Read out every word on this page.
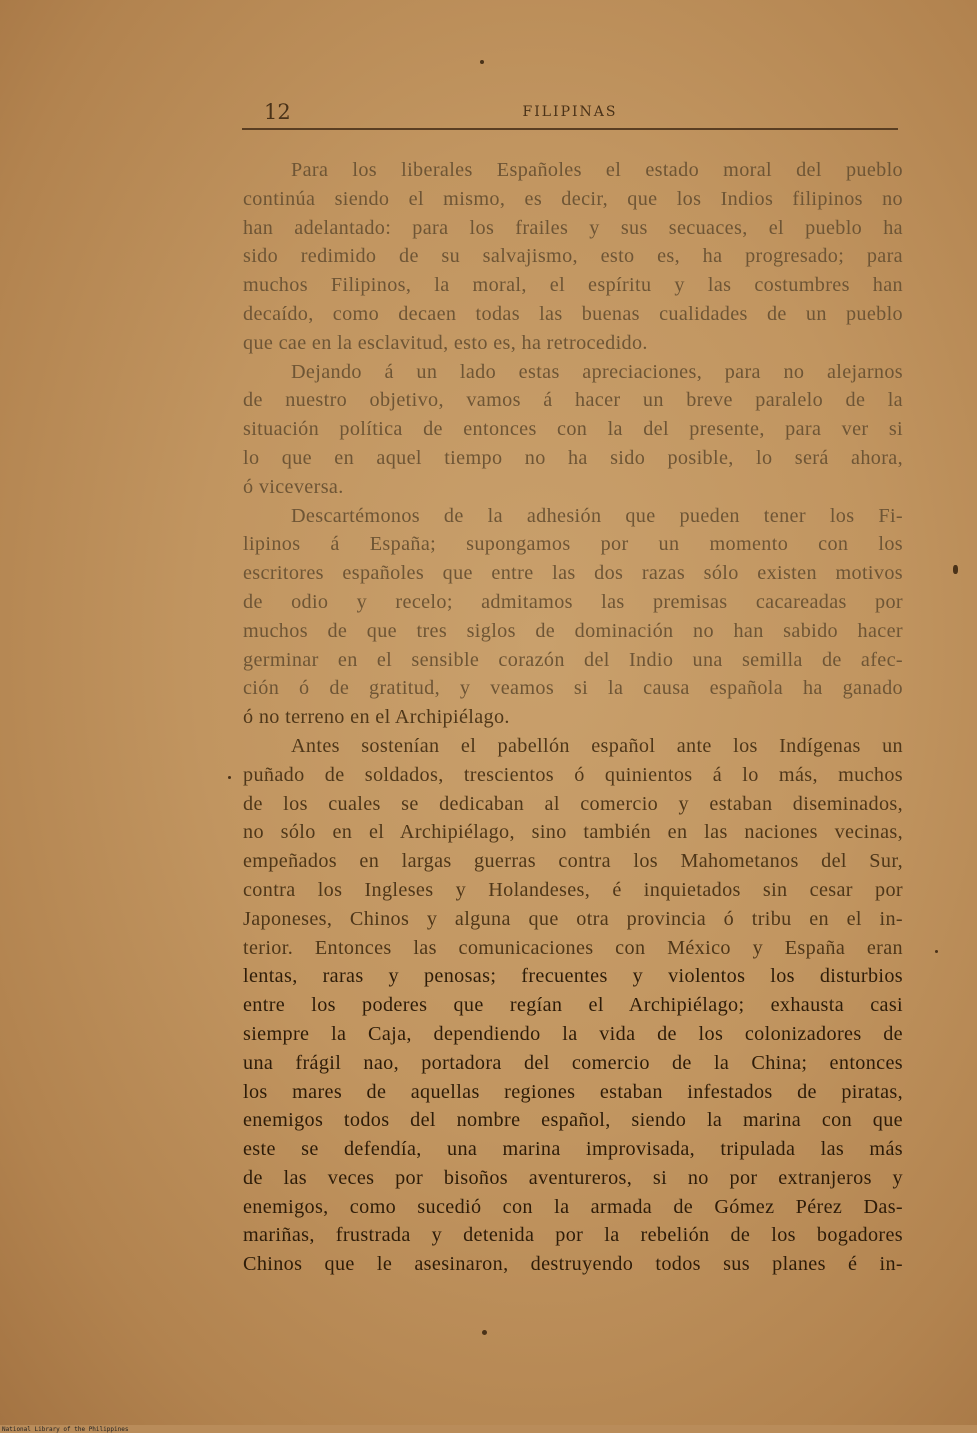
12	FILIPINAS
Para los liberales Españoles el estado moral del pueblo
continúa siendo el mismo, es decir, que los Indios filipinos no
han adelantado: para los frailes y sus secuaces, el pueblo ha
sido redimido de su salvajismo, esto es, ha progresado; para
muchos Filipinos, la moral, el espíritu y las costumbres han
decaído, como decaen todas las buenas cualidades de un pueblo
que cae en la esclavitud, esto es, ha retrocedido.
Dejando á un lado estas apreciaciones, para no alejarnos
de nuestro objetivo, vamos á hacer un breve paralelo de la
situación política de entonces con la del presente, para ver si
lo que en aquel tiempo no ha sido posible, lo será ahora,
ó viceversa.
Descartémonos de la adhesión que pueden tener los Fi-
lipinos á España; supongamos por un momento con los
escritores españoles que entre las dos razas sólo existen motivos
de odio y recelo; admitamos las premisas cacareadas por
muchos de que tres siglos de dominación no han sabido hacer
germinar en el sensible corazón del Indio una semilla de afec-
ción ó de gratitud, y veamos si la causa española ha ganado
ó no terreno en el Archipiélago.
Antes sostenían el pabellón español ante los Indígenas un
puñado de soldados, trescientos ó quinientos á lo más, muchos
de los cuales se dedicaban al comercio y estaban diseminados,
no sólo en el Archipiélago, sino también en las naciones vecinas,
empeñados en largas guerras contra los Mahometanos del Sur,
contra los Ingleses y Holandeses, é inquietados sin cesar por
Japoneses, Chinos y alguna que otra provincia ó tribu en el in-
terior. Entonces las comunicaciones con México y España eran
lentas, raras y penosas; frecuentes y violentos los disturbios
entre los poderes que regían el Archipiélago; exhausta casi
siempre la Caja, dependiendo la vida de los colonizadores de
una frágil nao, portadora del comercio de la China; entonces
los mares de aquellas regiones estaban infestados de piratas,
enemigos todos del nombre español, siendo la marina con que
este se defendía, una marina improvisada, tripulada las más
de las veces por bisoños aventureros, si no por extranjeros y
enemigos, como sucedió con la armada de Gómez Pérez Das-
mariñas, frustrada y detenida por la rebelión de los bogadores
Chinos que le asesinaron, destruyendo todos sus planes é in-
National Library of the Philippines
